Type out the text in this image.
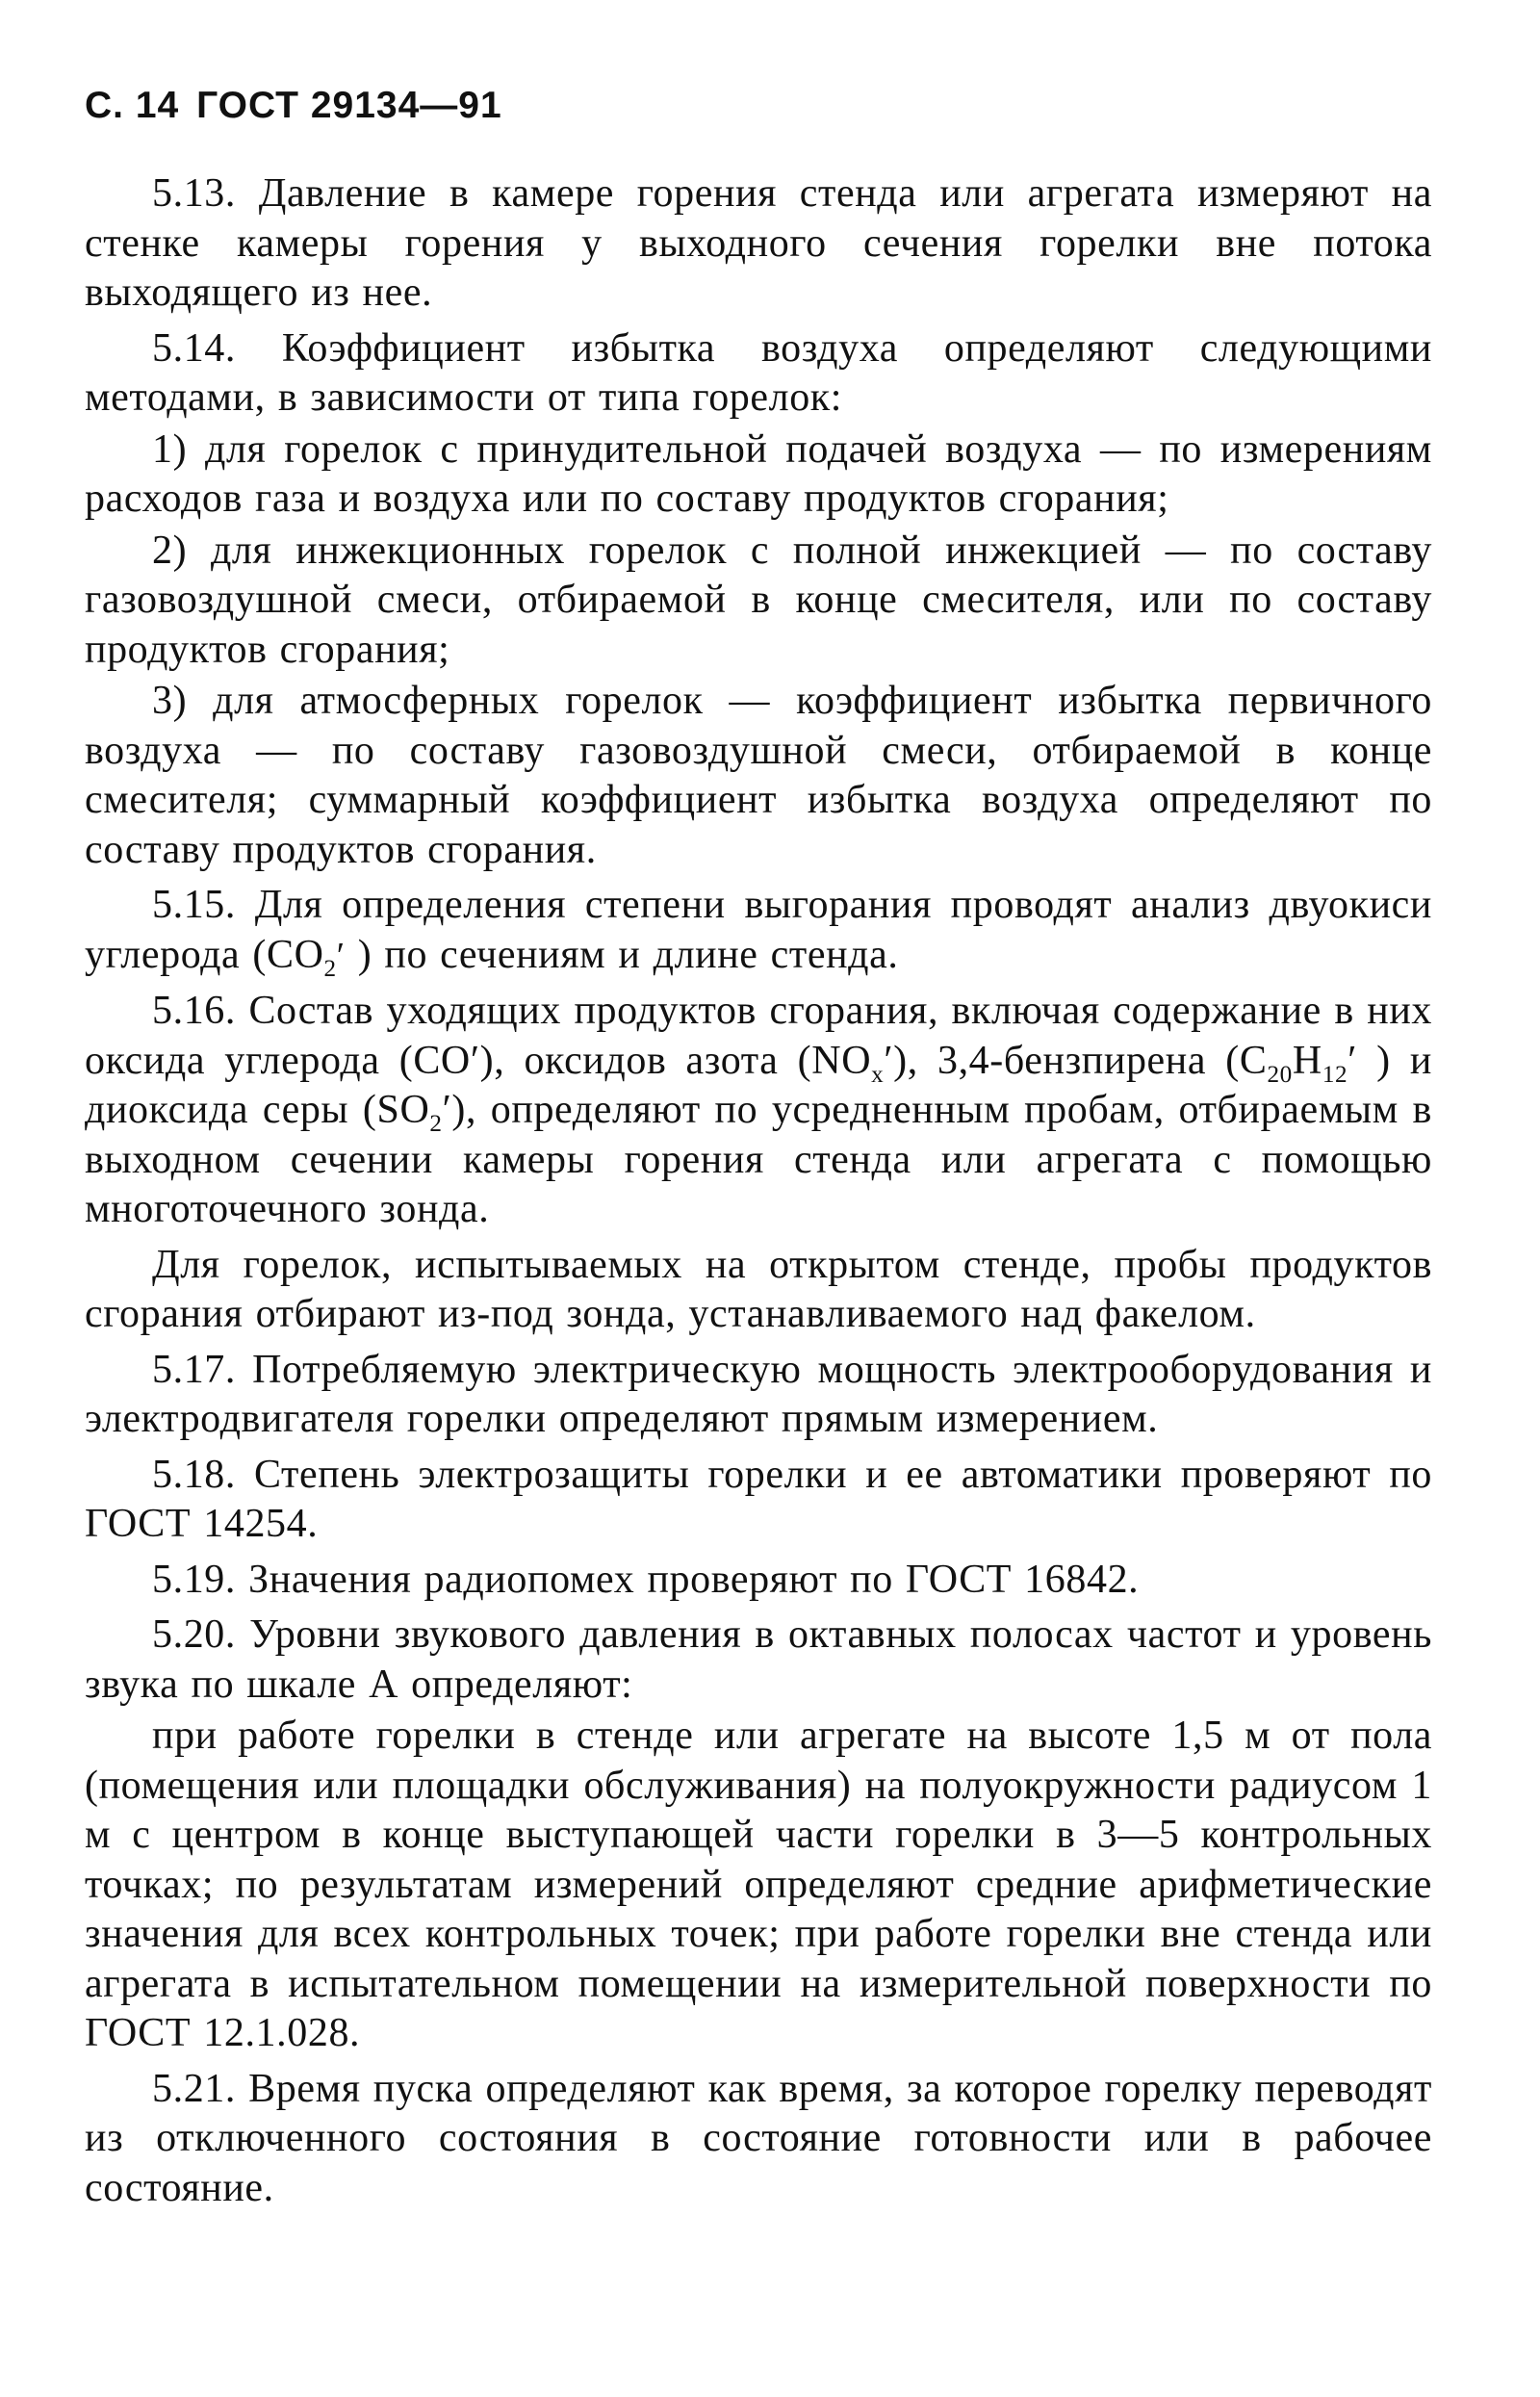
С. 14 ГОСТ 29134—91

5.13. Давление в камере горения стенда или агрегата измеряют на стенке камеры горения у выходного сечения горелки вне потока выходящего из нее.

5.14. Коэффициент избытка воздуха определяют следующими методами, в зависимости от типа горелок:

1) для горелок с принудительной подачей воздуха — по измерениям расходов газа и воздуха или по составу продуктов сгорания;

2) для инжекционных горелок с полной инжекцией — по составу газовоздушной смеси, отбираемой в конце смесителя, или по составу продуктов сгорания;

3) для атмосферных горелок — коэффициент избытка первичного воздуха — по составу газовоздушной смеси, отбираемой в конце смесителя; суммарный коэффициент избытка воздуха определяют по составу продуктов сгорания.

5.15. Для определения степени выгорания проводят анализ двуокиси углерода ($СО_2'$ ) по сечениям и длине стенда.

5.16. Состав уходящих продуктов сгорания, включая содержание в них оксида углерода (СО′), оксидов азота $(NO_x')$, 3,4-бензпирена ($С_{20}Н_{12}'$ ) и диоксида серы $(SO_2')$, определяют по усредненным пробам, отбираемым в выходном сечении камеры горения стенда или агрегата с помощью многоточечного зонда.

Для горелок, испытываемых на открытом стенде, пробы продуктов сгорания отбирают из-под зонда, устанавливаемого над факелом.

5.17. Потребляемую электрическую мощность электрооборудования и электродвигателя горелки определяют прямым измерением.

5.18. Степень электрозащиты горелки и ее автоматики проверяют по ГОСТ 14254.

5.19. Значения радиопомех проверяют по ГОСТ 16842.

5.20. Уровни звукового давления в октавных полосах частот и уровень звука по шкале А определяют:

при работе горелки в стенде или агрегате на высоте 1,5 м от пола (помещения или площадки обслуживания) на полуокружности радиусом 1 м с центром в конце выступающей части горелки в 3—5 контрольных точках; по результатам измерений определяют средние арифметические значения для всех контрольных точек; при работе горелки вне стенда или агрегата в испытательном помещении на измерительной поверхности по ГОСТ 12.1.028.

5.21. Время пуска определяют как время, за которое горелку переводят из отключенного состояния в состояние готовности или в рабочее состояние.
